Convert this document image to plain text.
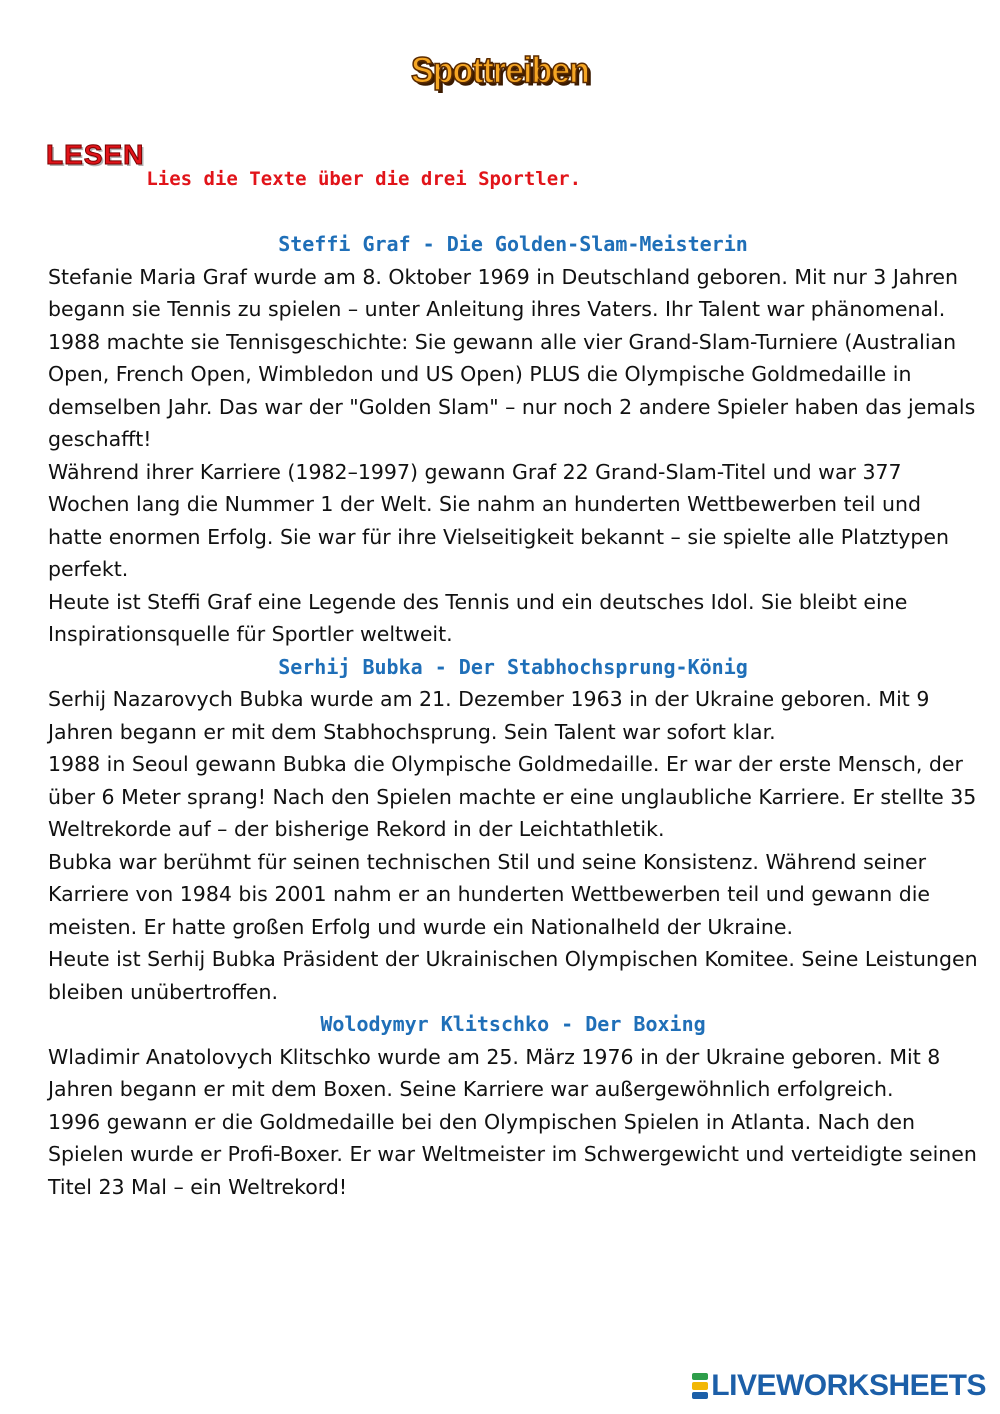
Spottreiben
LESENLies die Texte über die drei Sportler.
Steffi Graf - Die Golden-Slam-Meisterin

Stefanie Maria Graf wurde am 8. Oktober 1969 in Deutschland geboren. Mit nur 3 Jahren begann sie Tennis zu spielen – unter Anleitung ihres Vaters. Ihr Talent war phänomenal.

1988 machte sie Tennisgeschichte: Sie gewann alle vier Grand-Slam-Turniere (Australian Open, French Open, Wimbledon und US Open) PLUS die Olympische Goldmedaille in demselben Jahr. Das war der "Golden Slam" – nur noch 2 andere Spieler haben das jemals geschafft!

Während ihrer Karriere (1982–1997) gewann Graf 22 Grand-Slam-Titel und war 377 Wochen lang die Nummer 1 der Welt. Sie nahm an hunderten Wettbewerben teil und hatte enormen Erfolg. Sie war für ihre Vielseitigkeit bekannt – sie spielte alle Platztypen perfekt.

Heute ist Steffi Graf eine Legende des Tennis und ein deutsches Idol. Sie bleibt eine Inspirationsquelle für Sportler weltweit.

Serhij Bubka - Der Stabhochsprung-König

Serhij Nazarovych Bubka wurde am 21. Dezember 1963 in der Ukraine geboren. Mit 9 Jahren begann er mit dem Stabhochsprung. Sein Talent war sofort klar.

1988 in Seoul gewann Bubka die Olympische Goldmedaille. Er war der erste Mensch, der über 6 Meter sprang! Nach den Spielen machte er eine unglaubliche Karriere. Er stellte 35 Weltrekorde auf – der bisherige Rekord in der Leichtathletik.

Bubka war berühmt für seinen technischen Stil und seine Konsistenz. Während seiner Karriere von 1984 bis 2001 nahm er an hunderten Wettbewerben teil und gewann die meisten. Er hatte großen Erfolg und wurde ein Nationalheld der Ukraine.

Heute ist Serhij Bubka Präsident der Ukrainischen Olympischen Komitee. Seine Leistungen bleiben unübertroffen.

Wolodymyr Klitschko - Der Boxing

Wladimir Anatolovych Klitschko wurde am 25. März 1976 in der Ukraine geboren. Mit 8 Jahren begann er mit dem Boxen. Seine Karriere war außergewöhnlich erfolgreich.

1996 gewann er die Goldmedaille bei den Olympischen Spielen in Atlanta. Nach den Spielen wurde er Profi-Boxer. Er war Weltmeister im Schwergewicht und verteidigte seinen Titel 23 Mal – ein Weltrekord!

LIVEWORKSHEETS
